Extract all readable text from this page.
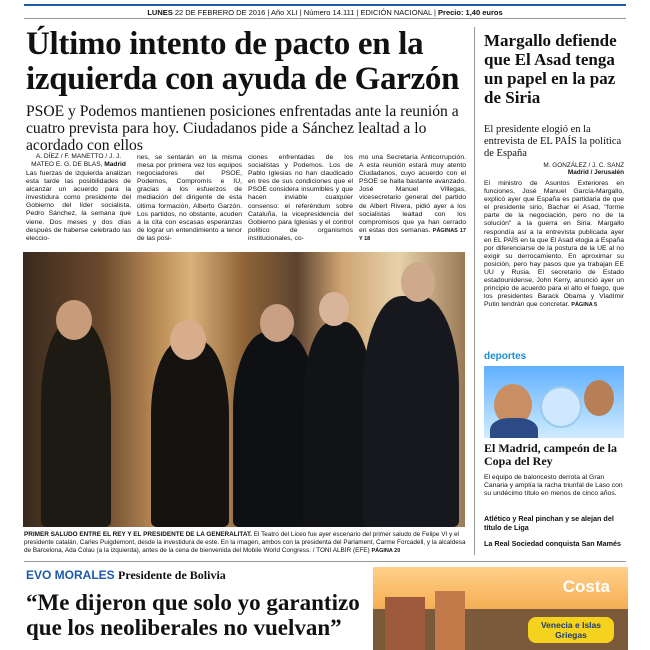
LUNES 22 DE FEBRERO DE 2016 | Año XLI | Número 14.111 | EDICIÓN NACIONAL | Precio: 1,40 euros
Último intento de pacto en la izquierda con ayuda de Garzón
PSOE y Podemos mantienen posiciones enfrentadas ante la reunión a cuatro prevista para hoy. Ciudadanos pide a Sánchez lealtad a lo acordado con ellos
A. DÍEZ / F. MANETTO / J. J. MATEO E. G. DE BLAS, Madrid
Las fuerzas de izquierda analizan esta tarde las posibilidades de alcanzar un acuerdo para la investidura como presidente del Gobierno del líder socialista, Pedro Sánchez, la semana que viene. Dos meses y dos días después de haberse celebrado las eleccio-
nes, se sentarán en la misma mesa por primera vez los equipos negociadores del PSOE, Podemos, Compromís e IU, gracias a los esfuerzos de mediación del dirigente de esta última formación, Alberto Garzón. Los partidos, no obstante, acuden a la cita con escasas esperanzas de lograr un entendimiento a tenor de las posi-
ciones enfrentadas de los socialistas y Podemos. Los de Pablo Iglesias no han claudicado en tres de sus condiciones que el PSOE considera insumibles y que hacen inviable cualquier consenso: el referéndum sobre Cataluña, la vicepresidencia del Gobierno para Iglesias y el control político de organismos institucionales, co-
mo una Secretaría Anticorrupción. A esta reunión estará muy atento Ciudadanos, cuyo acuerdo con el PSOE se halla bastante avanzado. José Manuel Villegas, vicesecretario general del partido de Albert Rivera, pidió ayer a los socialistas lealtad con los compromisos que ya han cerrado en estas dos semanas. PÁGINAS 17 Y 18
PRIMER SALUDO ENTRE EL REY Y EL PRESIDENTE DE LA GENERALITAT. El Teatro del Liceo fue ayer escenario del primer saludo de Felipe VI y el presidente catalán, Carles Puigdemont, desde la investidura de este. En la imagen, ambos con la presidenta del Parlament, Carme Forcadell, y la alcaldesa de Barcelona, Ada Colau (a la izquierda), antes de la cena de bienvenida del Mobile World Congress. / TONI ALBIR (EFE) PÁGINA 20
Margallo defiende que El Asad tenga un papel en la paz de Siria
El presidente elogió en la entrevista de EL PAÍS la política de España
M. GONZÁLEZ / J. C. SANZ
Madrid / Jerusalén
El ministro de Asuntos Exteriores en funciones, José Manuel García-Margallo, explicó ayer que España es partidaria de que el presidente sirio, Bachar el Asad, "forme parte de la negociación, pero no de la solución" a la guerra en Siria. Margallo respondía así a la entrevista publicada ayer en EL PAÍS en la que El Asad elogia a España por diferenciarse de la postura de la UE al no exigir su derrocamiento. En aproximar su posición, pero hay pasos que ya trabajan EE UU y Rusia. El secretario de Estado estadounidense, John Kerry, anunció ayer un principio de acuerdo para el alto el fuego, que los presidentes Barack Obama y Vladímir Putin tendrán que concretar. PÁGINA 5
deportes
El Madrid, campeón de la Copa del Rey
El equipo de baloncesto derrota al Gran Canaria y amplía la racha triunfal de Laso con su undécimo título en menos de cinco años.
Atlético y Real pinchan y se alejan del título de Liga
La Real Sociedad conquista San Mamés
EVO MORALES Presidente de Bolivia
“Me dijeron que solo yo garantizo que los neoliberales no vuelvan”
Costa
Venecia e Islas Griegas
